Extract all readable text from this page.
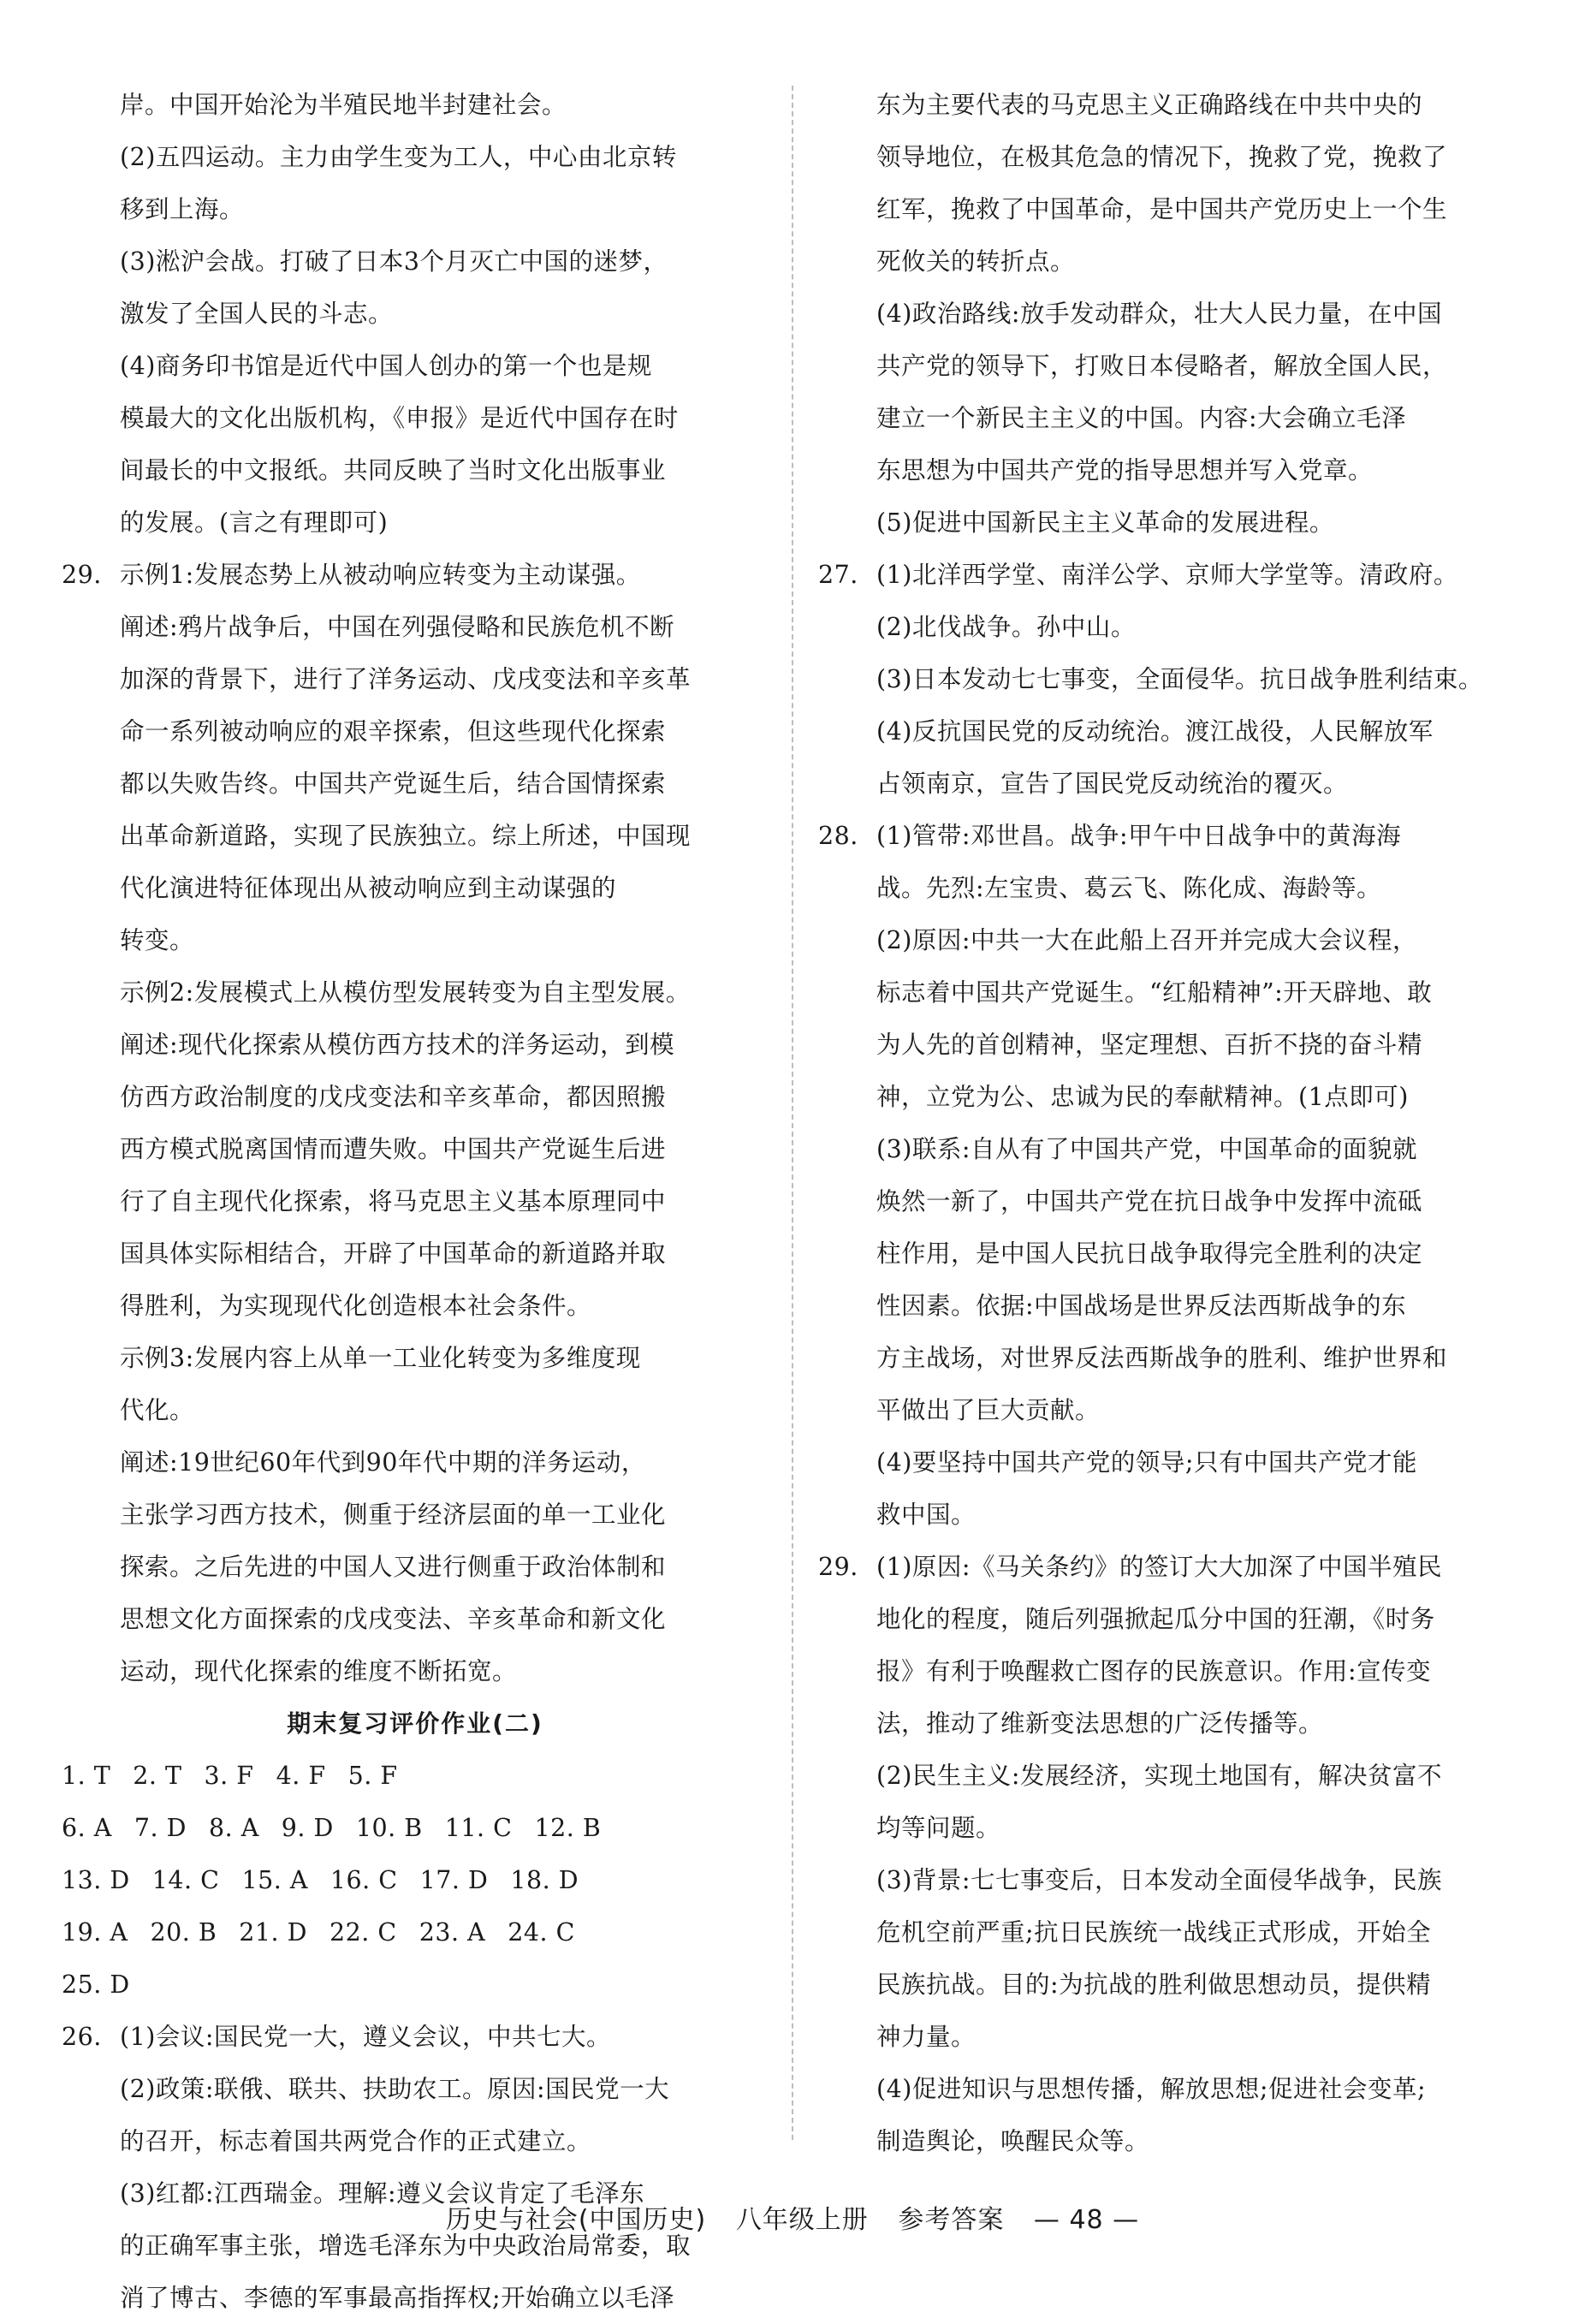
岸。中国开始沦为半殖民地半封建社会。

(2)五四运动。主力由学生变为工人，中心由北京转

移到上海。

(3)淞沪会战。打破了日本3个月灭亡中国的迷梦，

激发了全国人民的斗志。

(4)商务印书馆是近代中国人创办的第一个也是规

模最大的文化出版机构，《申报》是近代中国存在时

间最长的中文报纸。共同反映了当时文化出版事业

的发展。(言之有理即可)

29. 示例1:发展态势上从被动响应转变为主动谋强。

阐述:鸦片战争后，中国在列强侵略和民族危机不断

加深的背景下，进行了洋务运动、戊戌变法和辛亥革

命一系列被动响应的艰辛探索，但这些现代化探索

都以失败告终。中国共产党诞生后，结合国情探索

出革命新道路，实现了民族独立。综上所述，中国现

代化演进特征体现出从被动响应到主动谋强的

转变。

示例2:发展模式上从模仿型发展转变为自主型发展。

阐述:现代化探索从模仿西方技术的洋务运动，到模

仿西方政治制度的戊戌变法和辛亥革命，都因照搬

西方模式脱离国情而遭失败。中国共产党诞生后进

行了自主现代化探索，将马克思主义基本原理同中

国具体实际相结合，开辟了中国革命的新道路并取

得胜利，为实现现代化创造根本社会条件。

示例3:发展内容上从单一工业化转变为多维度现

代化。

阐述:19世纪60年代到90年代中期的洋务运动，

主张学习西方技术，侧重于经济层面的单一工业化

探索。之后先进的中国人又进行侧重于政治体制和

思想文化方面探索的戊戌变法、辛亥革命和新文化

运动，现代化探索的维度不断拓宽。

期末复习评价作业(二)

1. T 2. T 3. F 4. F 5. F

6. A 7. D 8. A 9. D 10. B 11. C 12. B

13. D 14. C 15. A 16. C 17. D 18. D

19. A 20. B 21. D 22. C 23. A 24. C

25. D

26. (1)会议:国民党一大，遵义会议，中共七大。

(2)政策:联俄、联共、扶助农工。原因:国民党一大

的召开，标志着国共两党合作的正式建立。

(3)红都:江西瑞金。理解:遵义会议肯定了毛泽东

的正确军事主张，增选毛泽东为中央政治局常委，取

消了博古、李德的军事最高指挥权;开始确立以毛泽

东为主要代表的马克思主义正确路线在中共中央的

领导地位，在极其危急的情况下，挽救了党，挽救了

红军，挽救了中国革命，是中国共产党历史上一个生

死攸关的转折点。

(4)政治路线:放手发动群众，壮大人民力量，在中国

共产党的领导下，打败日本侵略者，解放全国人民，

建立一个新民主主义的中国。内容:大会确立毛泽

东思想为中国共产党的指导思想并写入党章。

(5)促进中国新民主主义革命的发展进程。

27. (1)北洋西学堂、南洋公学、京师大学堂等。清政府。

(2)北伐战争。孙中山。

(3)日本发动七七事变，全面侵华。抗日战争胜利结束。

(4)反抗国民党的反动统治。渡江战役，人民解放军

占领南京，宣告了国民党反动统治的覆灭。

28. (1)管带:邓世昌。战争:甲午中日战争中的黄海海

战。先烈:左宝贵、葛云飞、陈化成、海龄等。

(2)原因:中共一大在此船上召开并完成大会议程，

标志着中国共产党诞生。“红船精神”:开天辟地、敢

为人先的首创精神，坚定理想、百折不挠的奋斗精

神，立党为公、忠诚为民的奉献精神。(1点即可)

(3)联系:自从有了中国共产党，中国革命的面貌就

焕然一新了，中国共产党在抗日战争中发挥中流砥

柱作用，是中国人民抗日战争取得完全胜利的决定

性因素。依据:中国战场是世界反法西斯战争的东

方主战场，对世界反法西斯战争的胜利、维护世界和

平做出了巨大贡献。

(4)要坚持中国共产党的领导;只有中国共产党才能

救中国。

29. (1)原因:《马关条约》的签订大大加深了中国半殖民

地化的程度，随后列强掀起瓜分中国的狂潮，《时务

报》有利于唤醒救亡图存的民族意识。作用:宣传变

法，推动了维新变法思想的广泛传播等。

(2)民生主义:发展经济，实现土地国有，解决贫富不

均等问题。

(3)背景:七七事变后，日本发动全面侵华战争，民族

危机空前严重;抗日民族统一战线正式形成，开始全

民族抗战。目的:为抗战的胜利做思想动员，提供精

神力量。

(4)促进知识与思想传播，解放思想;促进社会变革;

制造舆论，唤醒民众等。

历史与社会(中国历史) 八年级上册 参考答案 — 48 —
